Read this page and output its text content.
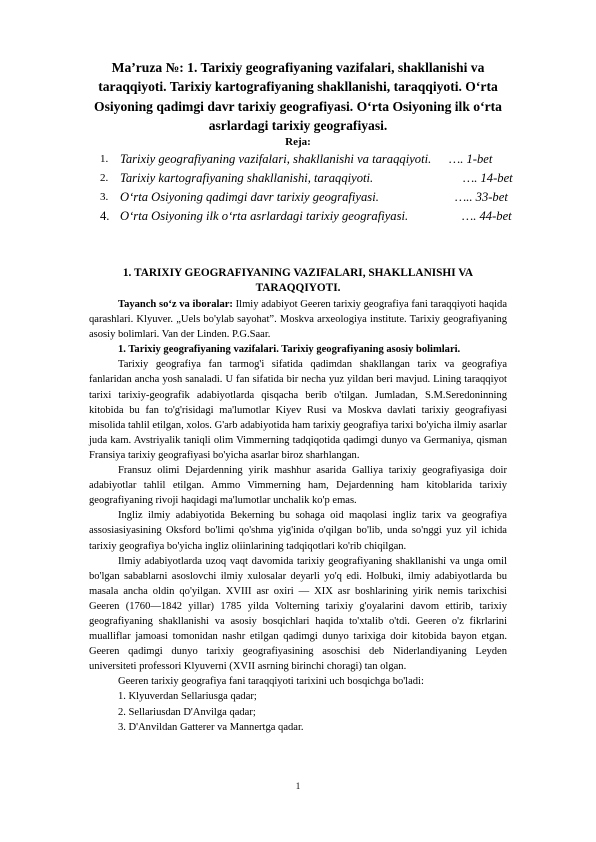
Ma’ruza №: 1. Tarixiy geografiyaning vazifalari, shakllanishi va taraqqiyoti. Tarixiy kartografiyaning shakllanishi, taraqqiyoti. O‘rta Osiyoning qadimgi davr tarixiy geografiyasi. O‘rta Osiyoning ilk o‘rta asrlardagi tarixiy geografiyasi.
Reja:
1. Tarixiy geografiyaning vazifalari, shakllanishi va taraqqiyoti. …. 1-bet
2. Tarixiy kartografiyaning shakllanishi, taraqqiyoti.	…. 14-bet
3. O‘rta Osiyoning qadimgi davr tarixiy geografiyasi.	….. 33-bet
4. O‘rta Osiyoning ilk o‘rta asrlardagi tarixiy geografiyasi.	…. 44-bet
1. TARIXIY GEOGRAFIYANING VAZIFALARI, SHAKLLANISHI VA TARAQQIYOTI.

Tayanch so‘z va iboralar: Ilmiy adabiyot Geeren tarixiy geografiya fani taraqqiyoti haqida qarashlari. Klyuver. „Uels bo'ylab sayohat”. Moskva arxeologiya institute. Tarixiy geografiyaning asosiy bolimlari. Van der Linden. P.G.Saar.

1. Tarixiy geografiyaning vazifalari. Tarixiy geografiyaning asosiy bolimlari.

Tarixiy geografiya fan tarmog'i sifatida qadimdan shakllangan tarix va geografiya fanlaridan ancha yosh sanaladi. U fan sifatida bir necha yuz yildan beri mavjud. Lining taraqqiyot tarixi tarixiy-geografik adabiyotlarda qisqacha berib o'tilgan. Jumladan, S.M.Seredoninning kitobida bu fan to'g'risidagi ma'lumotlar Kiyev Rusi va Moskva davlati tarixiy geografiyasi misolida tahlil etilgan, xolos. G'arb adabiyotida ham tarixiy geografiya tarixi bo'yicha ilmiy asarlar juda kam. Avstriyalik taniqli olim Vimmerning tadqiqotida qadimgi dunyo va Germaniya, qisman Fransiya tarixiy geografiyasi bo'yicha asarlar biroz sharhlangan.

Fransuz olimi Dejardenning yirik mashhur asarida Galliya tarixiy geografiyasiga doir adabiyotlar tahlil etilgan. Ammo Vimmerning ham, Dejardenning ham kitoblarida tarixiy geografiyaning rivoji haqidagi ma'lumotlar unchalik ko'p emas.

Ingliz ilmiy adabiyotida Bekerning bu sohaga oid maqolasi ingliz tarix va geografiya assosiasiyasining Oksford bo'limi qo'shma yig'inida o'qilgan bo'lib, unda so'nggi yuz yil ichida tarixiy geografiya bo'yicha ingliz oliinlarining tadqiqotlari ko'rib chiqilgan.

Ilmiy adabiyotlarda uzoq vaqt davomida tarixiy geografiyaning shakllanishi va unga omil bo'lgan sabablarni asoslovchi ilmiy xulosalar deyarli yo'q edi. Holbuki, ilmiy adabiyotlarda bu masala ancha oldin qo'yilgan. XVIII asr oxiri — XIX asr boshlarining yirik nemis tarixchisi Geeren (1760—1842 yillar) 1785 yilda Volterning tarixiy g'oyalarini davom ettirib, tarixiy geografiyaning shakllanishi va asosiy bosqichlari haqida to'xtalib o'tdi. Geeren o'z fikrlarini mualliflar jamoasi tomonidan nashr etilgan qadimgi dunyo tarixiga doir kitobida bayon etgan. Geeren qadimgi dunyo tarixiy geografiyasining asoschisi deb Niderlandiyaning Leyden universiteti professori Klyuverni (XVII asrning birinchi choragi) tan olgan.

Geeren tarixiy geografiya fani taraqqiyoti tarixini uch bosqichga bo'ladi:

1. Klyuverdan Sellariusga qadar;

2. Sellariusdan D'Anvilga qadar;

3. D'Anvildan Gatterer va Mannertga qadar.

1
